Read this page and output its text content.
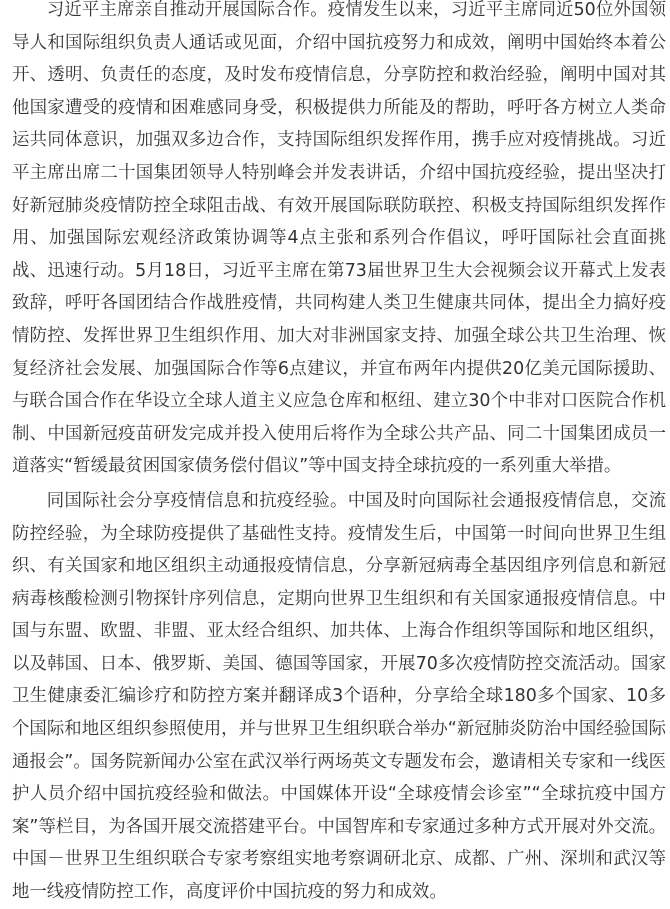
习近平主席亲自推动开展国际合作。疫情发生以来，习近平主席同近50位外国领导人和国际组织负责人通话或见面，介绍中国抗疫努力和成效，阐明中国始终本着公开、透明、负责任的态度，及时发布疫情信息，分享防控和救治经验，阐明中国对其他国家遭受的疫情和困难感同身受，积极提供力所能及的帮助，呼吁各方树立人类命运共同体意识，加强双多边合作，支持国际组织发挥作用，携手应对疫情挑战。习近平主席出席二十国集团领导人特别峰会并发表讲话，介绍中国抗疫经验，提出坚决打好新冠肺炎疫情防控全球阻击战、有效开展国际联防联控、积极支持国际组织发挥作用、加强国际宏观经济政策协调等4点主张和系列合作倡议，呼吁国际社会直面挑战、迅速行动。5月18日，习近平主席在第73届世界卫生大会视频会议开幕式上发表致辞，呼吁各国团结合作战胜疫情，共同构建人类卫生健康共同体，提出全力搞好疫情防控、发挥世界卫生组织作用、加大对非洲国家支持、加强全球公共卫生治理、恢复经济社会发展、加强国际合作等6点建议，并宣布两年内提供20亿美元国际援助、与联合国合作在华设立全球人道主义应急仓库和枢纽、建立30个中非对口医院合作机制、中国新冠疫苗研发完成并投入使用后将作为全球公共产品、同二十国集团成员一道落实“暂缓最贫困国家债务偿付倡议”等中国支持全球抗疫的一系列重大举措。

同国际社会分享疫情信息和抗疫经验。中国及时向国际社会通报疫情信息，交流防控经验，为全球防疫提供了基础性支持。疫情发生后，中国第一时间向世界卫生组织、有关国家和地区组织主动通报疫情信息，分享新冠病毒全基因组序列信息和新冠病毒核酸检测引物探针序列信息，定期向世界卫生组织和有关国家通报疫情信息。中国与东盟、欧盟、非盟、亚太经合组织、加共体、上海合作组织等国际和地区组织，以及韩国、日本、俄罗斯、美国、德国等国家，开展70多次疫情防控交流活动。国家卫生健康委汇编诊疗和防控方案并翻译成3个语种，分享给全球180多个国家、10多个国际和地区组织参照使用，并与世界卫生组织联合举办“新冠肺炎防治中国经验国际通报会”。国务院新闻办公室在武汉举行两场英文专题发布会，邀请相关专家和一线医护人员介绍中国抗疫经验和做法。中国媒体开设“全球疫情会诊室”“全球抗疫中国方案”等栏目，为各国开展交流搭建平台。中国智库和专家通过多种方式开展对外交流。中国－世界卫生组织联合专家考察组实地考察调研北京、成都、广州、深圳和武汉等地一线疫情防控工作，高度评价中国抗疫的努力和成效。
